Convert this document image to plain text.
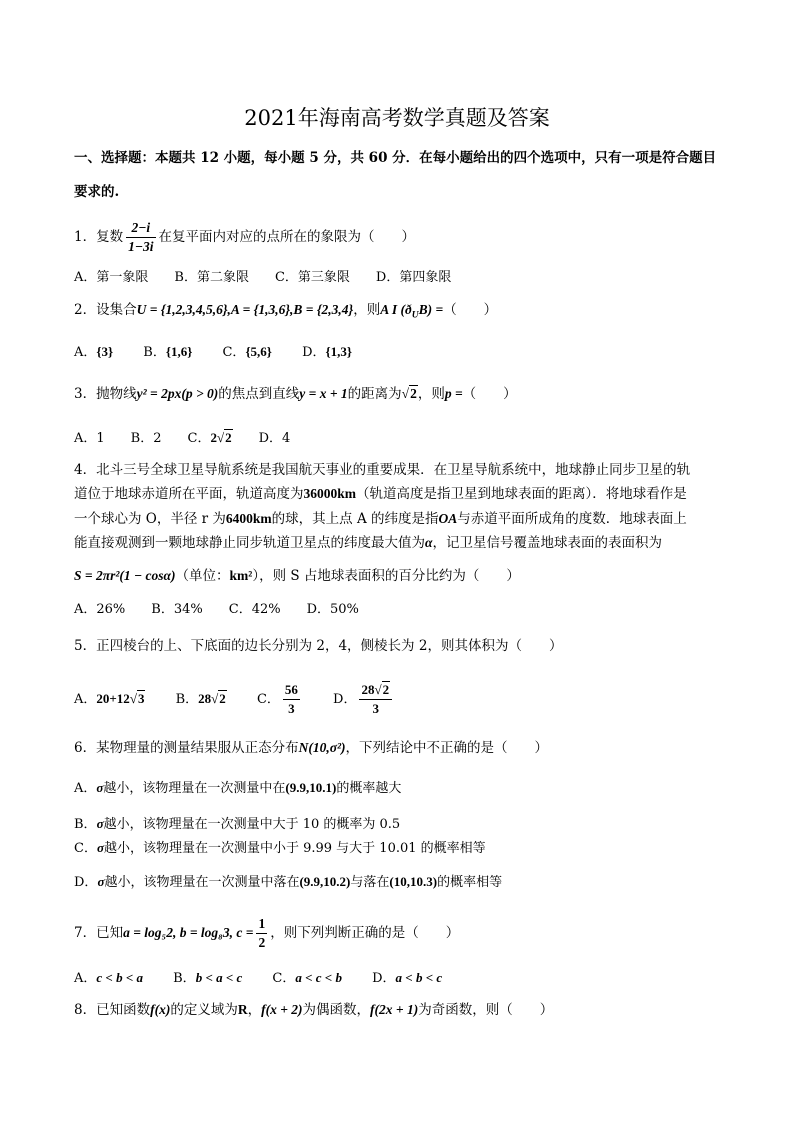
2021年海南高考数学真题及答案
一、选择题：本题共 12 小题，每小题 5 分，共 60 分．在每小题给出的四个选项中，只有一项是符合题目
要求的.
1．复数 $\frac{2-i}{1-3i}$ 在复平面内对应的点所在的象限为（　　）
A．第一象限 B．第二象限 C．第三象限 D．第四象限
2．设集合U = {1,2,3,4,5,6},A = {1,3,6},B = {2,3,4}，则A I $(ð_UB)$ =（　　）
A．{3} B．{1,6} C．{5,6} D．{1,3}
3．抛物线y² = 2px(p > 0)的焦点到直线y = x + 1的距离为√2，则p =（　　）
A．1 B．2 C．2√2 D．4
4．北斗三号全球卫星导航系统是我国航天事业的重要成果．在卫星导航系统中，地球静止同步卫星的轨
道位于地球赤道所在平面，轨道高度为36000km（轨道高度是指卫星到地球表面的距离）．将地球看作是
一个球心为 O，半径 r 为6400km的球，其上点 A 的纬度是指OA与赤道平面所成角的度数．地球表面上
能直接观测到一颗地球静止同步轨道卫星点的纬度最大值为α，记卫星信号覆盖地球表面的表面积为
S = 2πr²(1 − cosα)（单位：km²），则 S 占地球表面积的百分比约为（　　）
A．26% B．34% C．42% D．50%
5．正四棱台的上、下底面的边长分别为 2，4，侧棱长为 2，则其体积为（　　）
A．20+12√3 B．28√2 C． $\frac{56}{3}$	D． $\frac{28√2}{3}$
6．某物理量的测量结果服从正态分布N(10,σ²)，下列结论中不正确的是（　　）
A．σ越小，该物理量在一次测量中在(9.9,10.1)的概率越大
B．σ越小，该物理量在一次测量中大于 10 的概率为 0.5
C．σ越小，该物理量在一次测量中小于 9.99 与大于 10.01 的概率相等
D．σ越小，该物理量在一次测量中落在(9.9,10.2)与落在(10,10.3)的概率相等
7．已知a = log₅2, b = log₈3, $c = \frac{1}{2}$ ，则下列判断正确的是（　　）
A．c < b < a B．b < a < c C．a < c < b D．a < b < c
8．已知函数f(x)的定义域为R，f(x + 2)为偶函数，f(2x + 1)为奇函数，则（　　）
